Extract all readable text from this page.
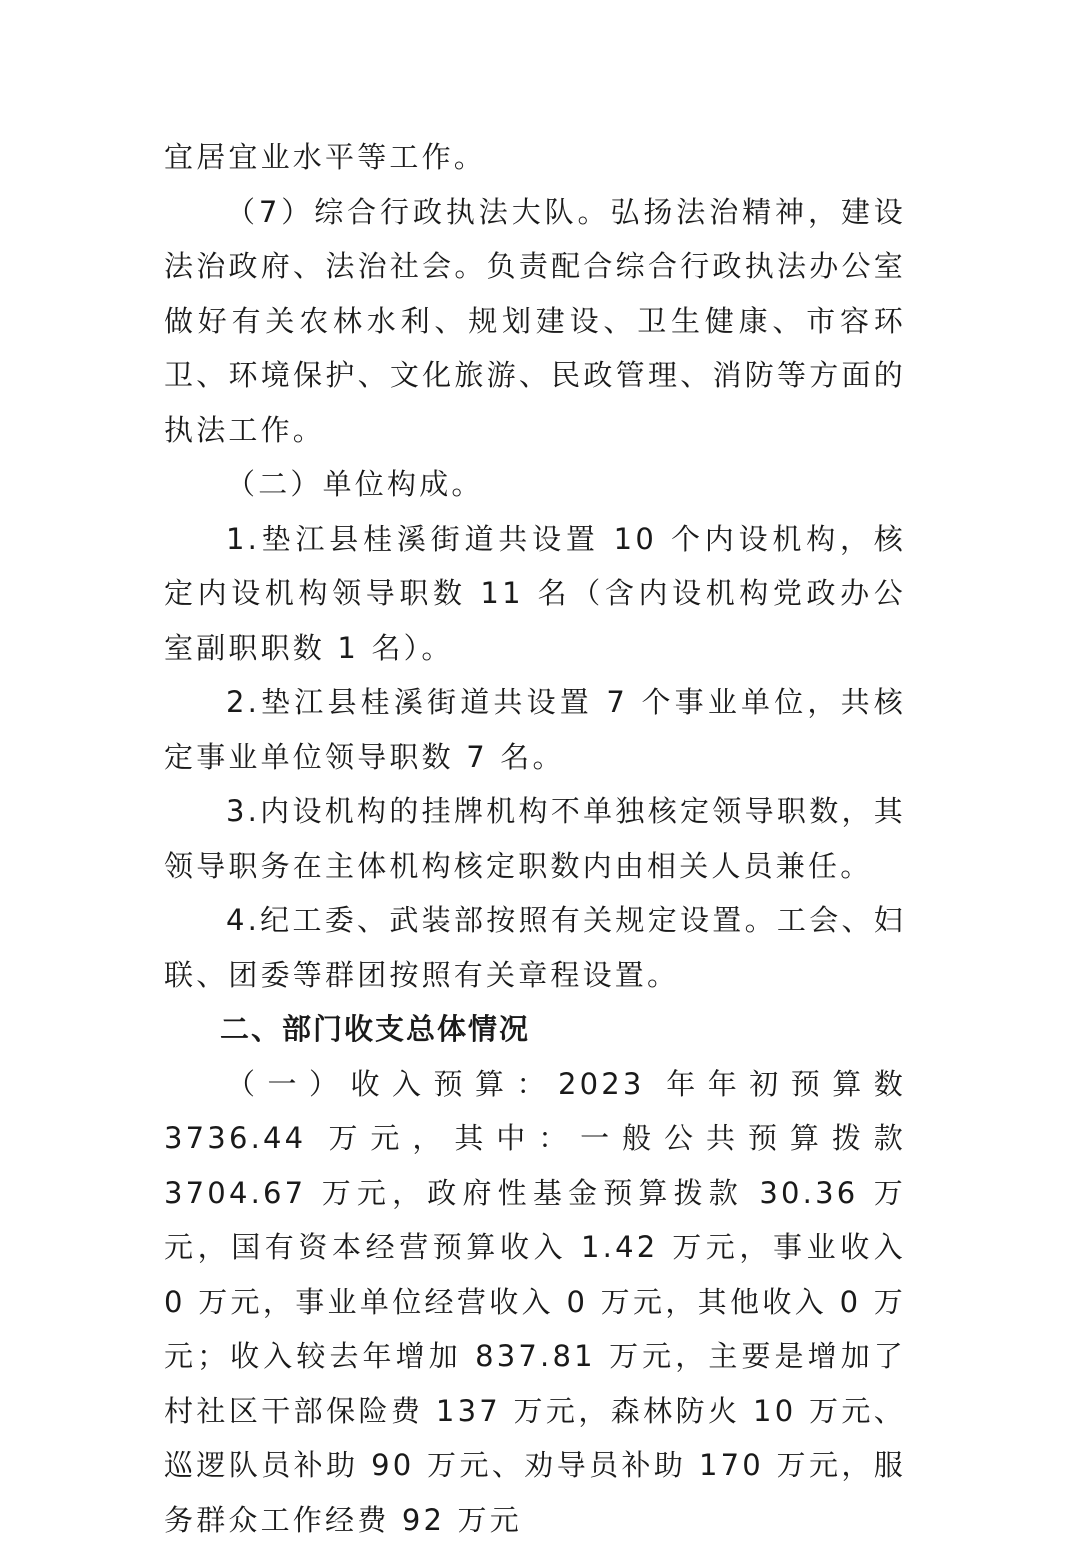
宜居宜业水平等工作。

（7）综合行政执法大队。弘扬法治精神，建设法治政府、法治社会。负责配合综合行政执法办公室做好有关农林水利、规划建设、卫生健康、市容环卫、环境保护、文化旅游、民政管理、消防等方面的执法工作。

（二）单位构成。

1.垫江县桂溪街道共设置 10 个内设机构，核定内设机构领导职数 11 名（含内设机构党政办公室副职职数 1 名）。

2.垫江县桂溪街道共设置 7 个事业单位，共核定事业单位领导职数 7 名。

3.内设机构的挂牌机构不单独核定领导职数，其领导职务在主体机构核定职数内由相关人员兼任。

4.纪工委、武装部按照有关规定设置。工会、妇联、团委等群团按照有关章程设置。

二、部门收支总体情况

（一）收入预算：2023 年年初预算数 3736.44 万元，其中：一般公共预算拨款 3704.67 万元，政府性基金预算拨款 30.36 万元，国有资本经营预算收入 1.42 万元，事业收入 0 万元，事业单位经营收入 0 万元，其他收入 0 万元；收入较去年增加 837.81 万元，主要是增加了村社区干部保险费 137 万元，森林防火 10 万元、巡逻队员补助 90 万元、劝导员补助 170 万元，服务群众工作经费 92 万元
